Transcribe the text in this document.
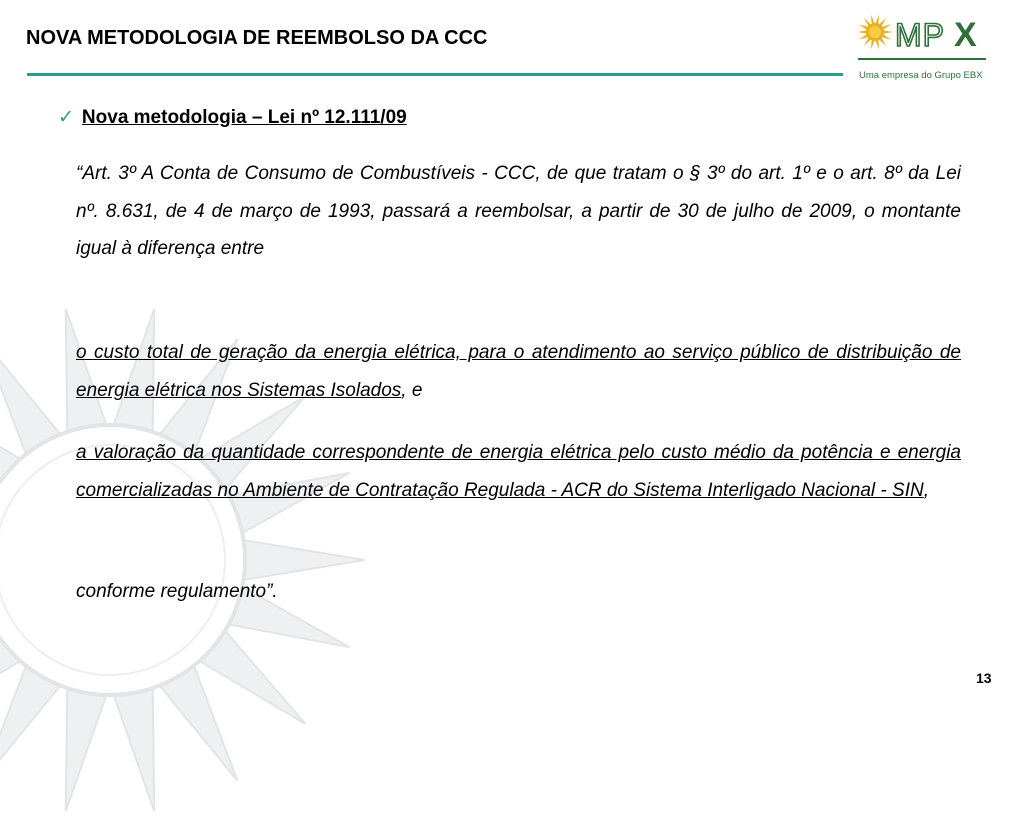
NOVA METODOLOGIA DE REEMBOLSO DA CCC	MP X
Uma empresa do Grupo EBX
✓ Nova metodologia – Lei nº 12.111/09
“Art. 3º A Conta de Consumo de Combustíveis - CCC, de que tratam o § 3º do art. 1º e o art. 8º da Lei nº. 8.631, de 4 de março de 1993, passará a reembolsar, a partir de 30 de julho de 2009, o montante igual à diferença entre
o custo total de geração da energia elétrica, para o atendimento ao serviço público de distribuição de energia elétrica nos Sistemas Isolados, e
a valoração da quantidade correspondente de energia elétrica pelo custo médio da potência e energia comercializadas no Ambiente de Contratação Regulada - ACR do Sistema Interligado Nacional - SIN,
conforme regulamento”.
13
